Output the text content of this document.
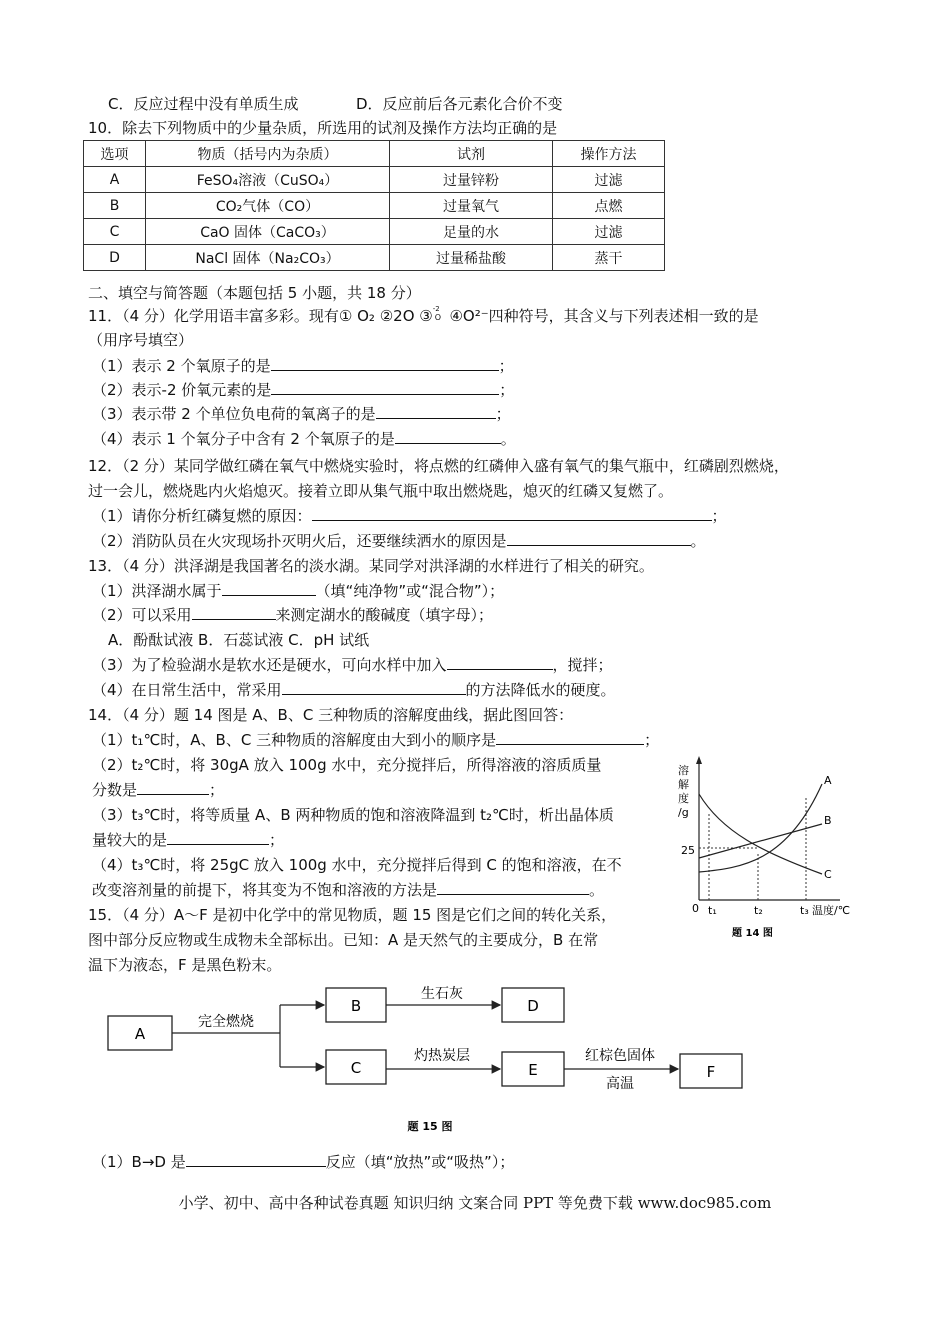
C．反应过程中没有单质生成	D．反应前后各元素化合价不变
10．除去下列物质中的少量杂质，所选用的试剂及操作方法均正确的是
选项	物质（括号内为杂质）	试剂	操作方法
A	FeSO₄溶液（CuSO₄）	过量锌粉	过滤
B	CO₂气体（CO）	过量氧气	点燃
C	CaO 固体（CaCO₃）	足量的水	过滤
D	NaCl 固体（Na₂CO₃）	过量稀盐酸	蒸干
二、填空与简答题（本题包括 5 小题，共 18 分）
11．（4 分）化学用语丰富多彩。现有① O₂ ②2O ③ -2
O ④O²⁻四种符号，其含义与下列表述相一致的是
（用序号填空）
（1）表示 2 个氧原子的是	；
（2）表示-2 价氧元素的是	；
（3）表示带 2 个单位负电荷的氧离子的是	；
（4）表示 1 个氧分子中含有 2 个氧原子的是	。
12．（2 分）某同学做红磷在氧气中燃烧实验时，将点燃的红磷伸入盛有氧气的集气瓶中，红磷剧烈燃烧，
过一会儿，燃烧匙内火焰熄灭。接着立即从集气瓶中取出燃烧匙，熄灭的红磷又复燃了。
（1）请你分析红磷复燃的原因：	；
（2）消防队员在火灾现场扑灭明火后，还要继续洒水的原因是	。
13．（4 分）洪泽湖是我国著名的淡水湖。某同学对洪泽湖的水样进行了相关的研究。
（1）洪泽湖水属于	（填“纯净物”或“混合物”）；
（2）可以采用	来测定湖水的酸碱度（填字母）；
A．酚酞试液 B．石蕊试液 C．pH 试纸
（3）为了检验湖水是软水还是硬水，可向水样中加入	，搅拌；
（4）在日常生活中，常采用	的方法降低水的硬度。
14．（4 分）题 14 图是 A、B、C 三种物质的溶解度曲线，据此图回答：
（1）t₁℃时，A、B、C 三种物质的溶解度由大到小的顺序是	；
（2）t₂℃时，将 30gA 放入 100g 水中，充分搅拌后，所得溶液的溶质质量
分数是	；
（3）t₃℃时，将等质量 A、B 两种物质的饱和溶液降温到 t₂℃时，析出晶体质
量较大的是	；
（4）t₃℃时，将 25gC 放入 100g 水中，充分搅拌后得到 C 的饱和溶液，在不
改变溶剂量的前提下，将其变为不饱和溶液的方法是	。
溶
解
度
/g
25
0 t₁	t₂	t₃ 温度/℃
A
B
C
题 14 图
15．（4 分）A～F 是初中化学中的常见物质，题 15 图是它们之间的转化关系，
图中部分反应物或生成物未全部标出。已知：A 是天然气的主要成分，B 在常
温下为液态，F 是黑色粉末。
A
B
C
D
E	F
完全燃烧
生石灰
灼热炭层	红棕色固体
高温
题 15 图
（1）B→D 是	反应（填“放热”或“吸热”）；
小学、初中、高中各种试卷真题 知识归纳 文案合同 PPT 等免费下载 www.doc985.com
